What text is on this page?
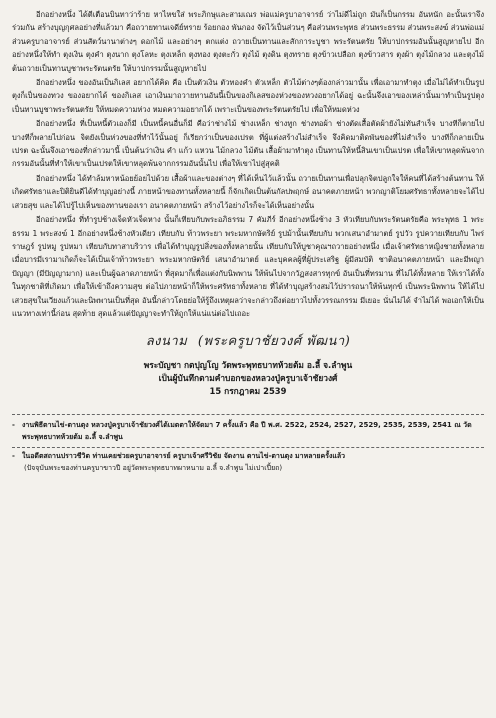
อีกอย่างหนึ่ง ได้ตีเตือนบินทาว่าร้าย หาไหขใส่ พระภิกษุและสามเณร พ่อแม่ครูบาอาจารย์ ว่าไม่ดีไม่ถูก มันก็เป็นกรรม อันหนัก อะนั้นเราจึงร่วมกัน สร้างบุญกุศลอย่างที่แล้วมา คือถวายทานเจดีย์ทราย ร้อยกอง พันกอง จัดไว้เป็นส่วนๆ คือส่วนพระพุทธ ส่วนพระธรรม ส่วนพระสงฆ์ ส่วนพ่อแม่ ส่วนครูบาอาจารย์ ส่วนสัตว์นานาต่างๆ ดอกไม้ และอย่างๆ ตกแต่ง ถวายเป็นทานและสักการะบูชา พระรัตนตรัย ให้บาปกรรมอันนั้นสูญหายไป อีกอย่างหนึ่งให้ทำ ตุงเงิน ตุงคำ ตุงนาก ตุงโลหะ ตุงเหล็ก ตุงทอง ตุงตะกั่ว ตุงไม้ ตุงดิน ตุงทราย ตุงข้าวเปลือก ตุงข้าวสาร ตุงผ้า ตุงไม้กลวง และตุงไม้ต้นถวายเป็นทานบูชาพระรัตนตรัย ให้บาปกรรมนั้นสูญหายไป

อีกอย่างหนึ่ง ของอันเป็นกิเลส อยากได้คิด คือ เป็นตัวเงิน ตัวทองคำ ตัวเหล็ก ตัวไม้ต่างๆต้องกล่าวมานั้น เพื่อเอามาทำตุง เมื่อไม่ได้ทำเป็นรูปตุงก็เป็นของทวง ของอยากได้ ของกิเลส เอาเงินมาถวายทานอันนี้เป็นของกิเลสของห่วงของหวงอยากได้อยู่ ฉะนั้นจึงเอาของเหล่านั้นมาทำเป็นรูปตุง เป็นทานบูชาพระรัตนตรัย ให้หมดความห่วง หมดความอยากได้ เพราะเป็นของพระรัตนตรัยไป เพื่อให้หมดห่วง

อีกอย่างหนึ่ง ที่เป็นหนี้ตัวเองก็มี เป็นหนี้คนอื่นก็มี คือว่าช่างไม้ ช่างเหล็ก ช่างทูก ช่างทอผ้า ช่างตัดเสื้อตัดผ้ายังไม่ทันสำเร็จ บางทีก็ตายไป บางทีก็พลายไปก่อน จิตยังเป็นห่วงของที่ทำไว้นั้นอยู่ ก็เรียกว่าเป็นของเปรต ที่ผู้แต่งสร้างไม่สำเร็จ จึงคิดมาติดพันของที่ไม่สำเร็จ บางทีก็กลายเป็นเปรต ฉะนั้นจึงเอาของที่กล่าวมานี้ เป็นต้นว่าเงิน คำ แก้ว แหวน ไม้กลวง ไม้ตัน เสื้อผ้ามาทำตุง เป็นทานให้หนี้สินเขาเป็นเปรต เพื่อให้เขาหลุดพ้นจากกรรมอันนั้นที่ทำให้เขาเป็นเปรตให้เขาหลุดพ้นจากกรรมอันนั้นไป เพื่อให้เขาไปสู่สุคติ

อีกอย่างหนึ่ง ได้ทำล้มหาหน้อยย้อยไปด้วย เสื้อผ้าและของต่างๆ ที่ได้เห็นไว้แล้วนั้น ถวายเป็นทานเพื่อปลุกจิตปลูกใจให้คนที่ได้สร้างต้นทาน ให้เกิดศรัทธาและปิติยินดีได้ทำบุญอย่างนี้ ภายหน้าของทานทั้งหลายนี้ ก็จักเกิดเป็นต้นกัลปพฤกษ์ อนาคตภายหน้า พวกญาติโยมศรัทธาทั้งหลายจะได้ไปเสวยสุข และได้ไปรู้ไปเห็นของทานของเรา อนาคตภายหน้า สร้างไว้อย่างไรก็จะได้เห็นอย่างนั้น

อีกอย่างหนึ่ง ที่ทำรูปช้างเจ็ดหัวเจ็ดหาง นั้นก็เทียบกับพระอภิธรรม 7 คัมภีร์ อีกอย่างหนึ่งช้าง 3 หัวเทียบกับพระรัตนตรัยคือ พระพุทธ 1 พระธรรม 1 พระสงฆ์ 1 อีกอย่างหนึ่งช้างหัวเดียว เทียบกับ ท้าวพระยา พระมหากษัตริย์ รูปม้านั้นเทียบกับ พวกเสนาอำมาตย์ รูปวัว รูปควายเทียบกับ ไพร่ราษฎร์ รูปหมู รูปหมา เทียบกับทาสาบริวาร เพื่อได้ทำบุญรูปสิ่งของทั้งหลายนั้น เทียบกับให้บูชาคุณฯถวายอย่างหนึ่ง เมื่อเจ้าศรัทธาหญิงชายทั้งหลาย เมื่อบารมีเรามาเกิดก็จะได้เป็นเจ้าท้าวพระยา พระมหากษัตริย์ เสนาอำมาตย์ และบุคคลผู้ที่ผู้ประเสริฐ ผู้มีสมบัติ ชาติอนาคตภายหน้า และมีพญาปัญญา (มีปัญญามาก) และเป็นผู้ฉลาดภายหน้า ที่สุดมาก็เพื่อแต่งกับนิพพาน ให้พ้นไปจากวัฏสงสารทุกข์ อันเป็นที่ทรมาน ที่ไม่ได้ทั้งหลาย ให้เราได้ทั้งในทุกชาติที่เกิดมา เพื่อให้เข้าถึงความสุข ต่อไปภายหน้าก็ให้พระศรัทธาทั้งหลาย ที่ได้ทำบุญสร้างสมไว้ปรารถนาให้พ้นทุกข์ เป็นพระนิพพาน ให้ได้ไปเสวยสุขในเวียงแก้วและนิพพานเป็นที่สุด อันนี้กล่าวโดยย่อให้รู้ถึงเหตุผลว่าจะกล่าวถึงต่อยาวไปทั้งวรรณกรรม มีเยอะ นั่นไม่ได้ จำไม่ได้ พอเอกให้เป็นแนวทางเท่านี้ก่อน สุดท้าย สุดแล้วแต่ปัญญาจะทำให้ถูกให้แน่แน่ต่อไปเถอะ

ลงนาม (พระครูบาชัยวงศ์ พัฒนา)
พระบัญชา กตปุญโญ วัดพระพุทธบาทห้วยต้ม อ.ลี้ จ.ลำพูน
เป็นผู้บันทึกตามคำบอกของหลวงปู่ครูบาเจ้าชัยวงศ์
15 กรกฎาคม 2539
- งานพิธีตานไข่-ตานตุง หลวงปู่ครูบาเจ้าชัยวงศ์ได้เมตตาให้จัดมา 7 ครั้งแล้ว คือ ปี พ.ศ. 2522, 2524, 2527, 2529, 2535, 2539, 2541 ณ วัดพระพุทธบาทห้วยต้ม อ.ลี้ จ.ลำพูน
- ในอดีตสถานปราวชีวิต ท่านเคยช่วยครูบาอาจารย์ ครูบาเจ้าศรีวิชัย จัดงาน ตานไข่-ตานตุง มาหลายครั้งแล้ว
(ปัจจุบันพระของท่านครูบาขาวปี อยู่วัดพระพุทธบาทผาหนาม อ.ลี้ จ.ลำพูน ไม่เปาเปี้ยถ)
